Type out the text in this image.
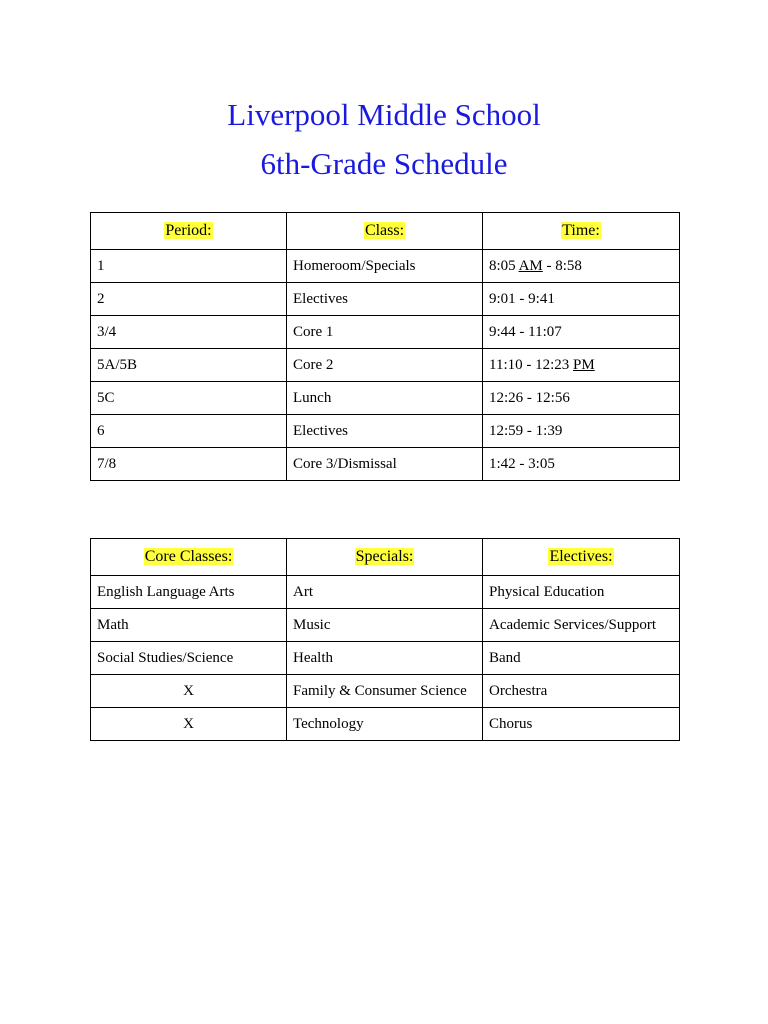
Liverpool Middle School
6th-Grade Schedule
Period:	Class:	Time:
1	Homeroom/Specials	8:05 AM - 8:58
2	Electives	9:01 - 9:41
3/4	Core 1	9:44 - 11:07
5A/5B	Core 2	11:10 - 12:23 PM
5C	Lunch	12:26 - 12:56
6	Electives	12:59 - 1:39
7/8	Core 3/Dismissal	1:42 - 3:05
Core Classes:	Specials:	Electives:
English Language Arts	Art	Physical Education
Math	Music	Academic Services/Support
Social Studies/Science	Health	Band
X	Family & Consumer Science	Orchestra
X	Technology	Chorus
